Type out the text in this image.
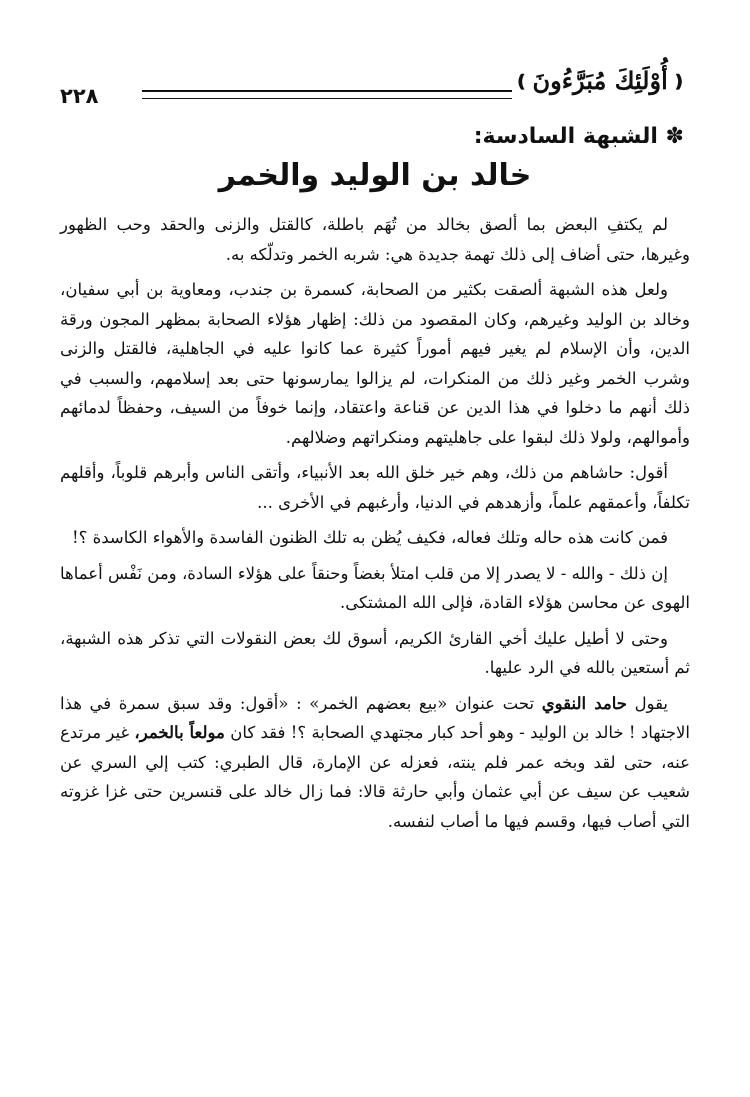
❪أُوْلَئِكَ مُبَرَّءُونَ❫
٢٢٨
✽ الشبهة السادسة:
خالد بن الوليد والخمر

لم يكتفِ البعض بما ألصق بخالد من تُهَم باطلة، كالقتل والزنى والحقد وحب الظهور وغيرها، حتى أضاف إلى ذلك تهمة جديدة هي: شربه الخمر وتدلّكه به.

ولعل هذه الشبهة ألصقت بكثير من الصحابة، كسمرة بن جندب، ومعاوية بن أبي سفيان، وخالد بن الوليد وغيرهم، وكان المقصود من ذلك: إظهار هؤلاء الصحابة بمظهر المجون ورقة الدين، وأن الإسلام لم يغير فيهم أموراً كثيرة عما كانوا عليه في الجاهلية، فالقتل والزنى وشرب الخمر وغير ذلك من المنكرات، لم يزالوا يمارسونها حتى بعد إسلامهم، والسبب في ذلك أنهم ما دخلوا في هذا الدين عن قناعة واعتقاد، وإنما خوفاً من السيف، وحفظاً لدمائهم وأموالهم، ولولا ذلك لبقوا على جاهليتهم ومنكراتهم وضلالهم.

أقول: حاشاهم من ذلك، وهم خير خلق الله بعد الأنبياء، وأتقى الناس وأبرهم قلوباً، وأقلهم تكلفاً، وأعمقهم علماً، وأزهدهم في الدنيا، وأرغبهم في الأخرى ...

فمن كانت هذه حاله وتلك فعاله، فكيف يُظن به تلك الظنون الفاسدة والأهواء الكاسدة ؟!

إن ذلك - والله - لا يصدر إلا من قلب امتلأ بغضاً وحنقاً على هؤلاء السادة، ومن نَفْس أعماها الهوى عن محاسن هؤلاء القادة، فإلى الله المشتكى.

وحتى لا أطيل عليك أخي القارئ الكريم، أسوق لك بعض النقولات التي تذكر هذه الشبهة، ثم أستعين بالله في الرد عليها.

يقول حامد النقوي تحت عنوان «بيع بعضهم الخمر» : «أقول: وقد سبق سمرة في هذا الاجتهاد ! خالد بن الوليد - وهو أحد كبار مجتهدي الصحابة ؟! فقد كان مولعاً بالخمر، غير مرتدع عنه، حتى لقد وبخه عمر فلم ينته، فعزله عن الإمارة، قال الطبري: كتب إلي السري عن شعيب عن سيف عن أبي عثمان وأبي حارثة قالا: فما زال خالد على قنسرين حتى غزا غزوته التي أصاب فيها، وقسم فيها ما أصاب لنفسه.
